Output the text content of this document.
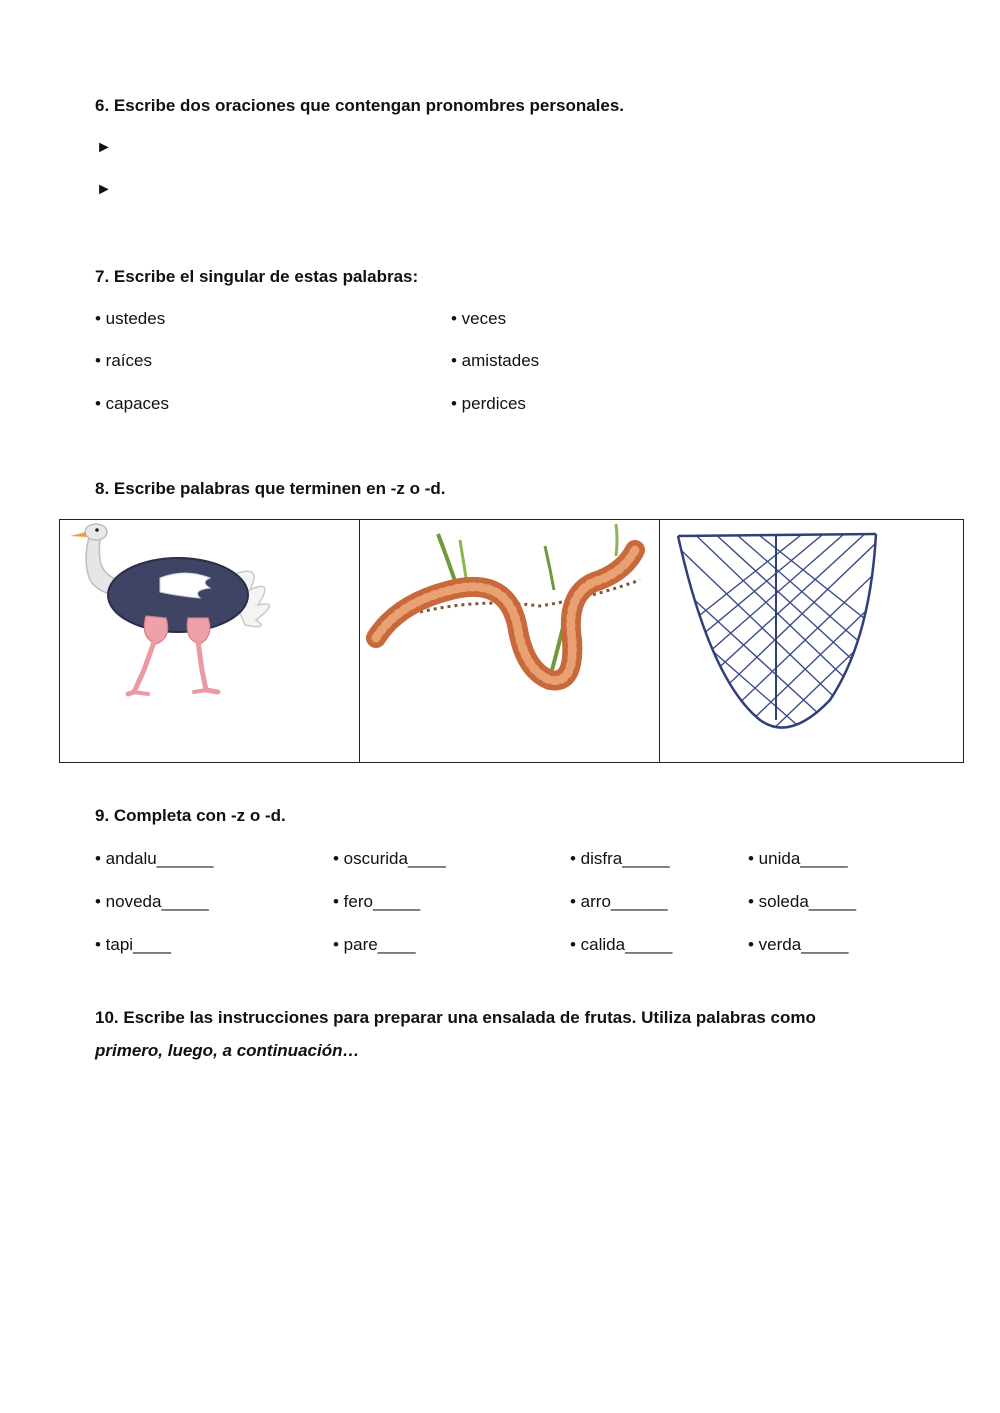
6. Escribe dos oraciones que contengan pronombres personales.
►
►
7. Escribe el singular de estas palabras:
• ustedes
• raíces
• capaces
• veces
• amistades
• perdices
8. Escribe palabras que terminen en -z o -d.
9. Completa con -z o -d.
• andalu______	• oscurida____	• disfra_____	• unida_____
• noveda_____	• fero_____	• arro______	• soleda_____
• tapi____	• pare____	• calida_____	• verda_____
10. Escribe las instrucciones para preparar una ensalada de frutas. Utiliza palabras como
primero, luego, a continuación…
